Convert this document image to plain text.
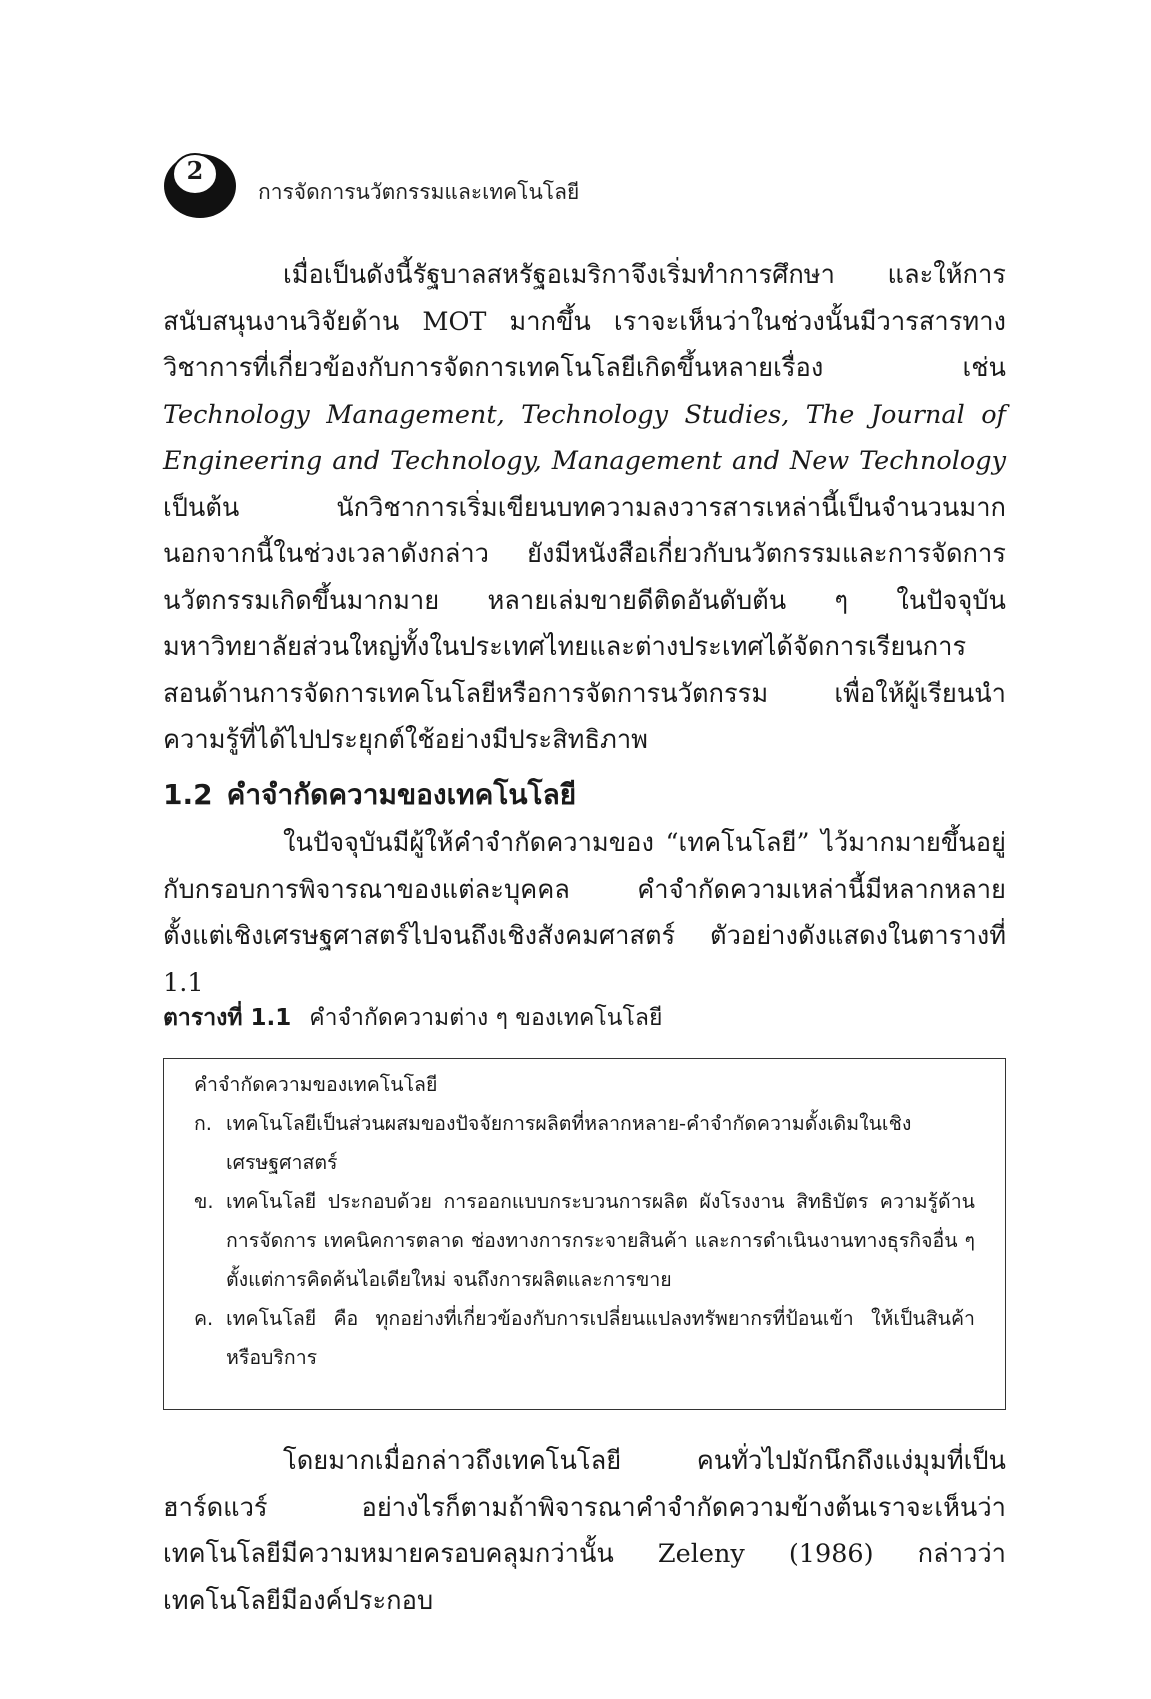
2
การจัดการนวัตกรรมและเทคโนโลยี

เมื่อเป็นดังนี้รัฐบาลสหรัฐอเมริกาจึงเริ่มทำการศึกษา และให้การสนับสนุนงานวิจัยด้าน MOT มากขึ้น เราจะเห็นว่าในช่วงนั้นมีวารสารทางวิชาการที่เกี่ยวข้องกับการจัดการเทคโนโลยีเกิดขึ้นหลายเรื่อง เช่น Technology Management, Technology Studies, The Journal of Engineering and Technology, Management and New Technology เป็นต้น นักวิชาการเริ่มเขียนบทความลงวารสารเหล่านี้เป็นจำนวนมาก นอกจากนี้ในช่วงเวลาดังกล่าว ยังมีหนังสือเกี่ยวกับนวัตกรรมและการจัดการนวัตกรรมเกิดขึ้นมากมาย หลายเล่มขายดีติดอันดับต้น ๆ ในปัจจุบันมหาวิทยาลัยส่วนใหญ่ทั้งในประเทศไทยและต่างประเทศได้จัดการเรียนการสอนด้านการจัดการเทคโนโลยีหรือการจัดการนวัตกรรม เพื่อให้ผู้เรียนนำความรู้ที่ได้ไปประยุกต์ใช้อย่างมีประสิทธิภาพ

1.2 คำจำกัดความของเทคโนโลยี

ในปัจจุบันมีผู้ให้คำจำกัดความของ “เทคโนโลยี” ไว้มากมายขึ้นอยู่กับกรอบการพิจารณาของแต่ละบุคคล คำจำกัดความเหล่านี้มีหลากหลายตั้งแต่เชิงเศรษฐศาสตร์ไปจนถึงเชิงสังคมศาสตร์ ตัวอย่างดังแสดงในตารางที่ 1.1

ตารางที่ 1.1 คำจำกัดความต่าง ๆ ของเทคโนโลยี
คำจำกัดความของเทคโนโลยี
ก. เทคโนโลยีเป็นส่วนผสมของปัจจัยการผลิตที่หลากหลาย-คำจำกัดความดั้งเดิมในเชิงเศรษฐศาสตร์
ข. เทคโนโลยี ประกอบด้วย การออกแบบกระบวนการผลิต ผังโรงงาน สิทธิบัตร ความรู้ด้านการจัดการ เทคนิคการตลาด ช่องทางการกระจายสินค้า และการดำเนินงานทางธุรกิจอื่น ๆ ตั้งแต่การคิดค้นไอเดียใหม่ จนถึงการผลิตและการขาย
ค. เทคโนโลยี คือ ทุกอย่างที่เกี่ยวข้องกับการเปลี่ยนแปลงทรัพยากรที่ป้อนเข้า ให้เป็นสินค้าหรือบริการ

โดยมากเมื่อกล่าวถึงเทคโนโลยี คนทั่วไปมักนึกถึงแง่มุมที่เป็นฮาร์ดแวร์ อย่างไรก็ตามถ้าพิจารณาคำจำกัดความข้างต้นเราจะเห็นว่าเทคโนโลยีมีความหมายครอบคลุมกว่านั้น Zeleny (1986) กล่าวว่าเทคโนโลยีมีองค์ประกอบ
